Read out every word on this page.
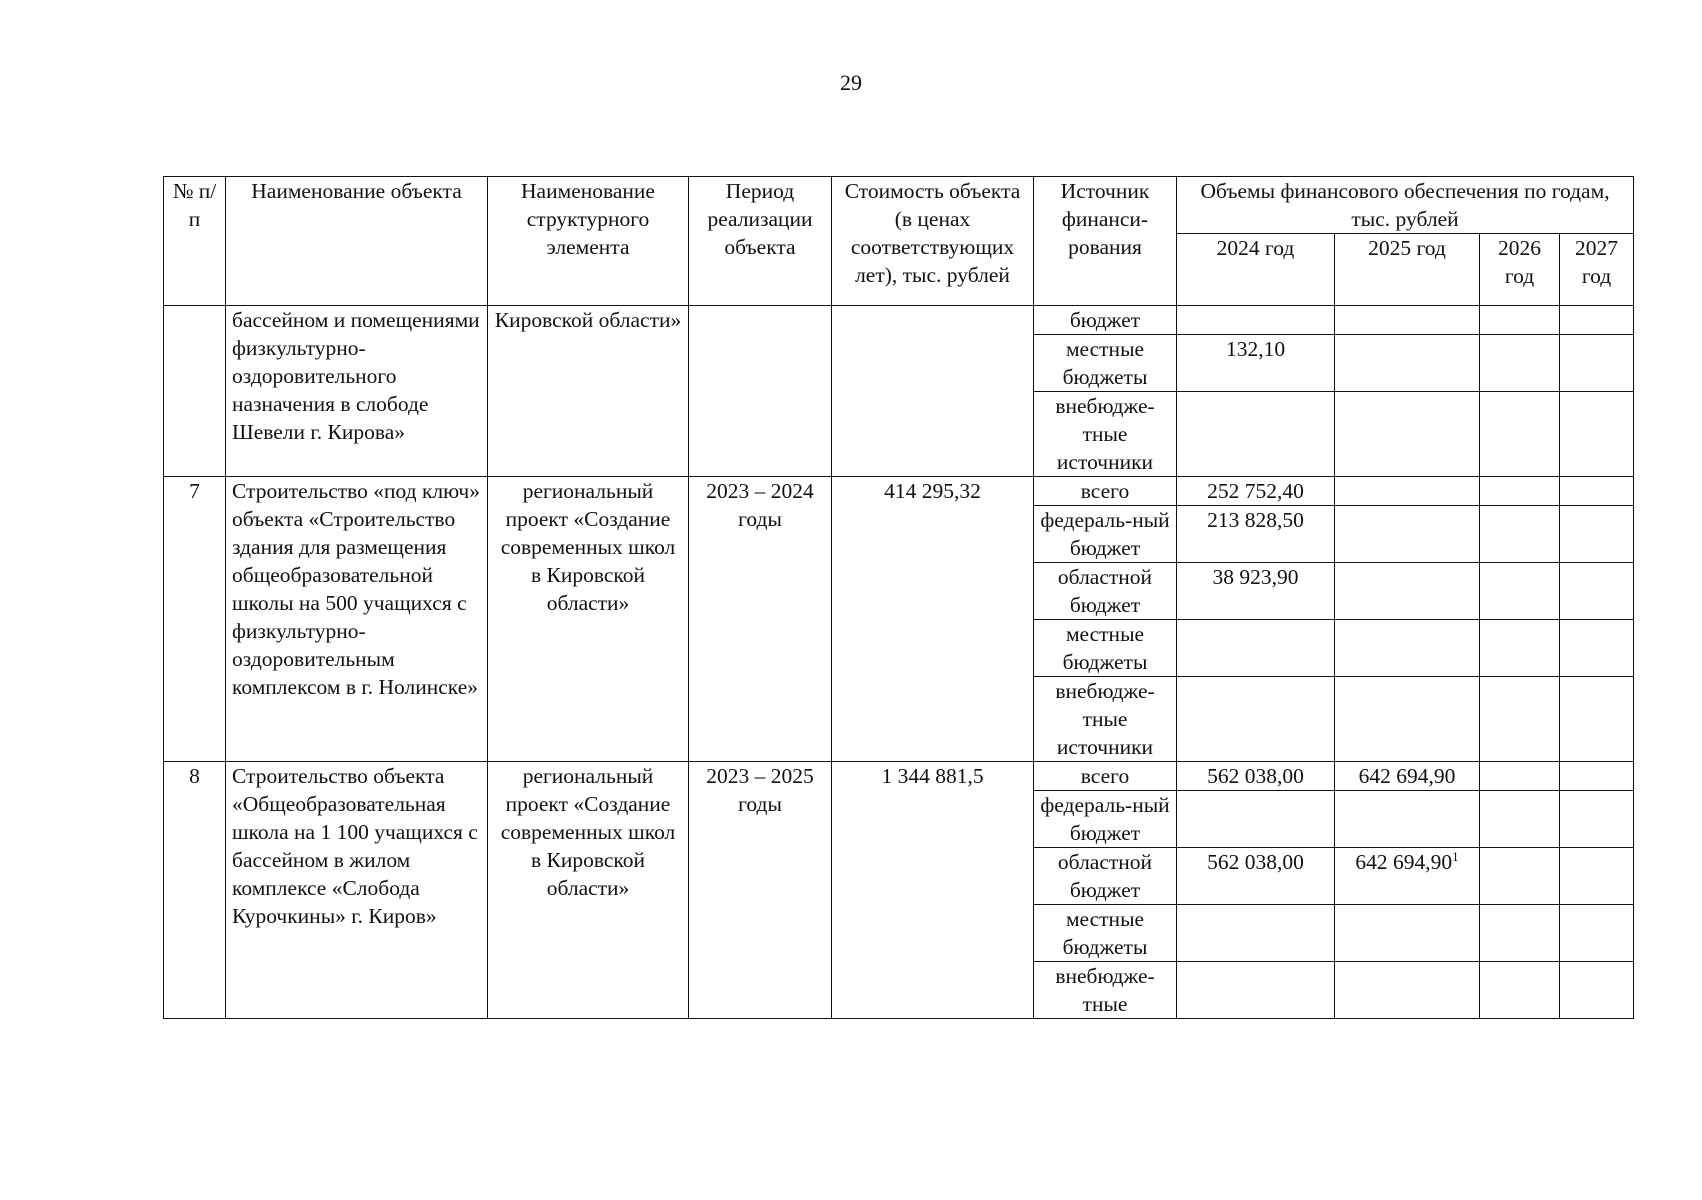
29
№ п/п	Наименование объекта	Наименование структурного элемента	Период реализации объекта	Стоимость объекта (в ценах соответствующих лет), тыс. рублей	Источник финанси-рования	Объемы финансового обеспечения по годам, тыс. рублей			
						2024 год	2025 год	2026 год	2027 год
	бассейном и помещениями физкультурно-оздоровительного назначения в слободе Шевели г. Кирова»	Кировской области»			бюджет				
					местные бюджеты	132,10			
					внебюдже-тные источники				
7	Строительство «под ключ» объекта «Строительство здания для размещения общеобразовательной школы на 500 учащихся с физкультурно-оздоровительным комплексом в г. Нолинске»	региональный проект «Создание современных школ в Кировской области»	2023 – 2024 годы	414 295,32	всего	252 752,40			
					федераль-ный бюджет	213 828,50			
					областной бюджет	38 923,90			
					местные бюджеты				
					внебюдже-тные источники				
8	Строительство объекта «Общеобразовательная школа на 1 100 учащихся с бассейном в жилом комплексе «Слобода Курочкины» г. Киров»	региональный проект «Создание современных школ в Кировской области»	2023 – 2025 годы	1 344 881,5	всего	562 038,00	642 694,90		
					федераль-ный бюджет				
					областной бюджет	562 038,00	642 694,90$^1$		
					местные бюджеты				
					внебюдже-тные				
